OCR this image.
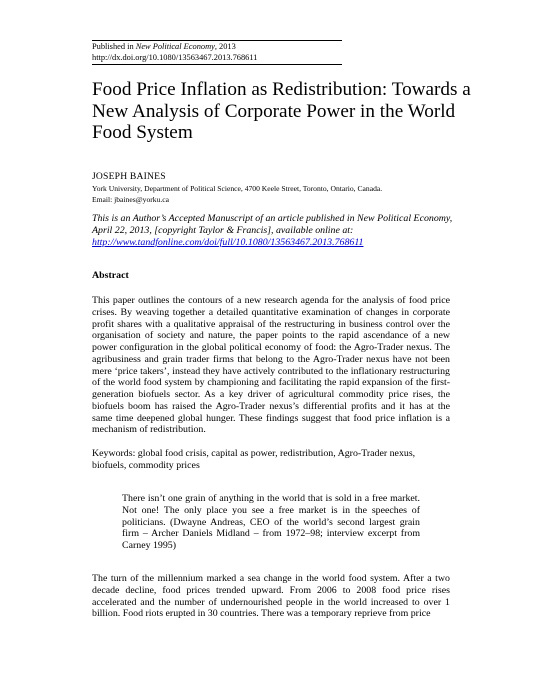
Published in New Political Economy, 2013
http://dx.doi.org/10.1080/13563467.2013.768611
Food Price Inflation as Redistribution: Towards a New Analysis of Corporate Power in the World Food System
JOSEPH BAINES
York University, Department of Political Science, 4700 Keele Street, Toronto, Ontario, Canada.
Email: jbaines@yorku.ca
This is an Author’s Accepted Manuscript of an article published in New Political Economy, April 22, 2013, [copyright Taylor & Francis], available online at: http://www.tandfonline.com/doi/full/10.1080/13563467.2013.768611
Abstract
This paper outlines the contours of a new research agenda for the analysis of food price crises. By weaving together a detailed quantitative examination of changes in corporate profit shares with a qualitative appraisal of the restructuring in business control over the organisation of society and nature, the paper points to the rapid ascendance of a new power configuration in the global political economy of food: the Agro-Trader nexus. The agribusiness and grain trader firms that belong to the Agro-Trader nexus have not been mere ‘price takers’, instead they have actively contributed to the inflationary restructuring of the world food system by championing and facilitating the rapid expansion of the first-generation biofuels sector. As a key driver of agricultural commodity price rises, the biofuels boom has raised the Agro-Trader nexus’s differential profits and it has at the same time deepened global hunger. These findings suggest that food price inflation is a mechanism of redistribution.
Keywords: global food crisis, capital as power, redistribution, Agro-Trader nexus, biofuels, commodity prices
There isn’t one grain of anything in the world that is sold in a free market. Not one! The only place you see a free market is in the speeches of politicians. (Dwayne Andreas, CEO of the world’s second largest grain firm – Archer Daniels Midland – from 1972–98; interview excerpt from Carney 1995)
The turn of the millennium marked a sea change in the world food system. After a two decade decline, food prices trended upward. From 2006 to 2008 food price rises accelerated and the number of undernourished people in the world increased to over 1 billion. Food riots erupted in 30 countries. There was a temporary reprieve from price
